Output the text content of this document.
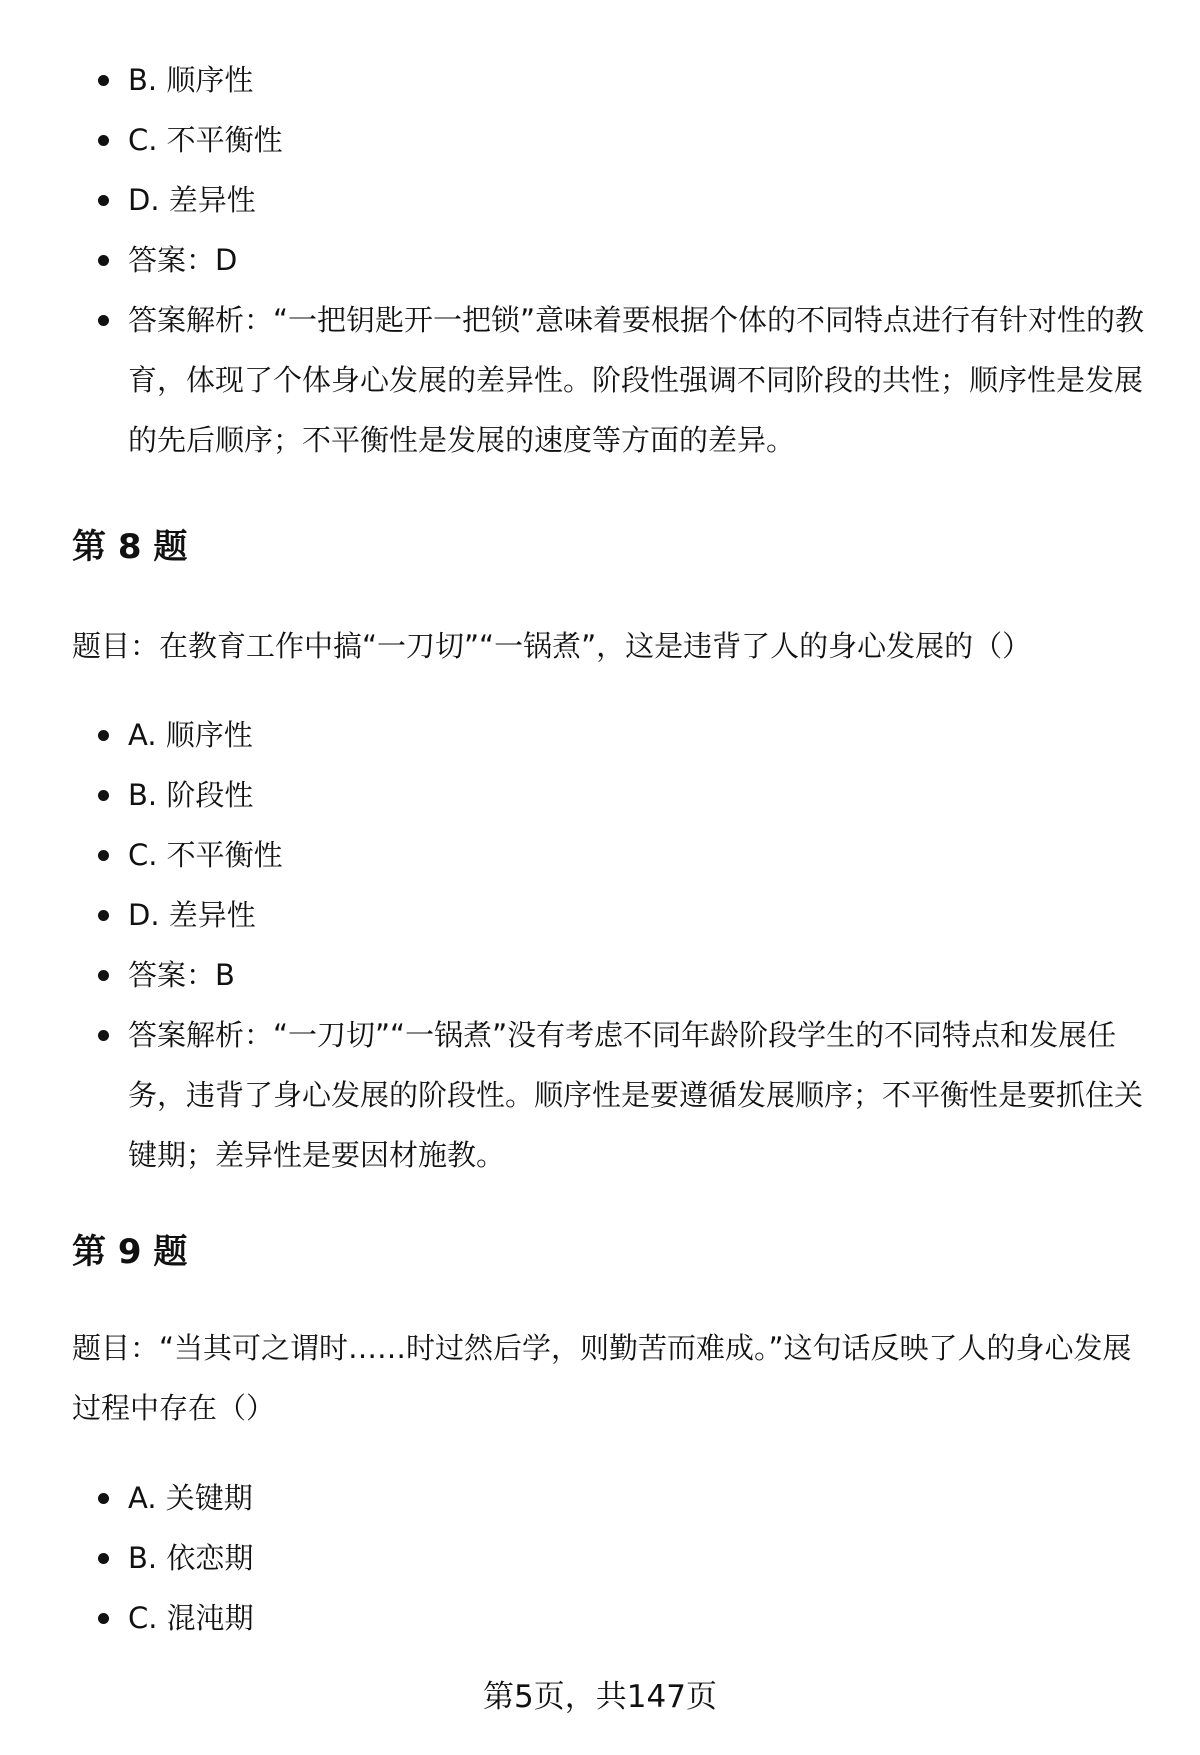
B. 顺序性
C. 不平衡性
D. 差异性
答案：D
答案解析：“一把钥匙开一把锁”意味着要根据个体的不同特点进行有针对性的教育，体现了个体身心发展的差异性。阶段性强调不同阶段的共性；顺序性是发展的先后顺序；不平衡性是发展的速度等方面的差异。
第 8 题

题目：在教育工作中搞“一刀切”“一锅煮”，这是违背了人的身心发展的（）

A. 顺序性
B. 阶段性
C. 不平衡性
D. 差异性
答案：B
答案解析：“一刀切”“一锅煮”没有考虑不同年龄阶段学生的不同特点和发展任务，违背了身心发展的阶段性。顺序性是要遵循发展顺序；不平衡性是要抓住关键期；差异性是要因材施教。
第 9 题

题目：“当其可之谓时……时过然后学，则勤苦而难成。”这句话反映了人的身心发展过程中存在（）

A. 关键期
B. 依恋期
C. 混沌期
第5页，共147页
